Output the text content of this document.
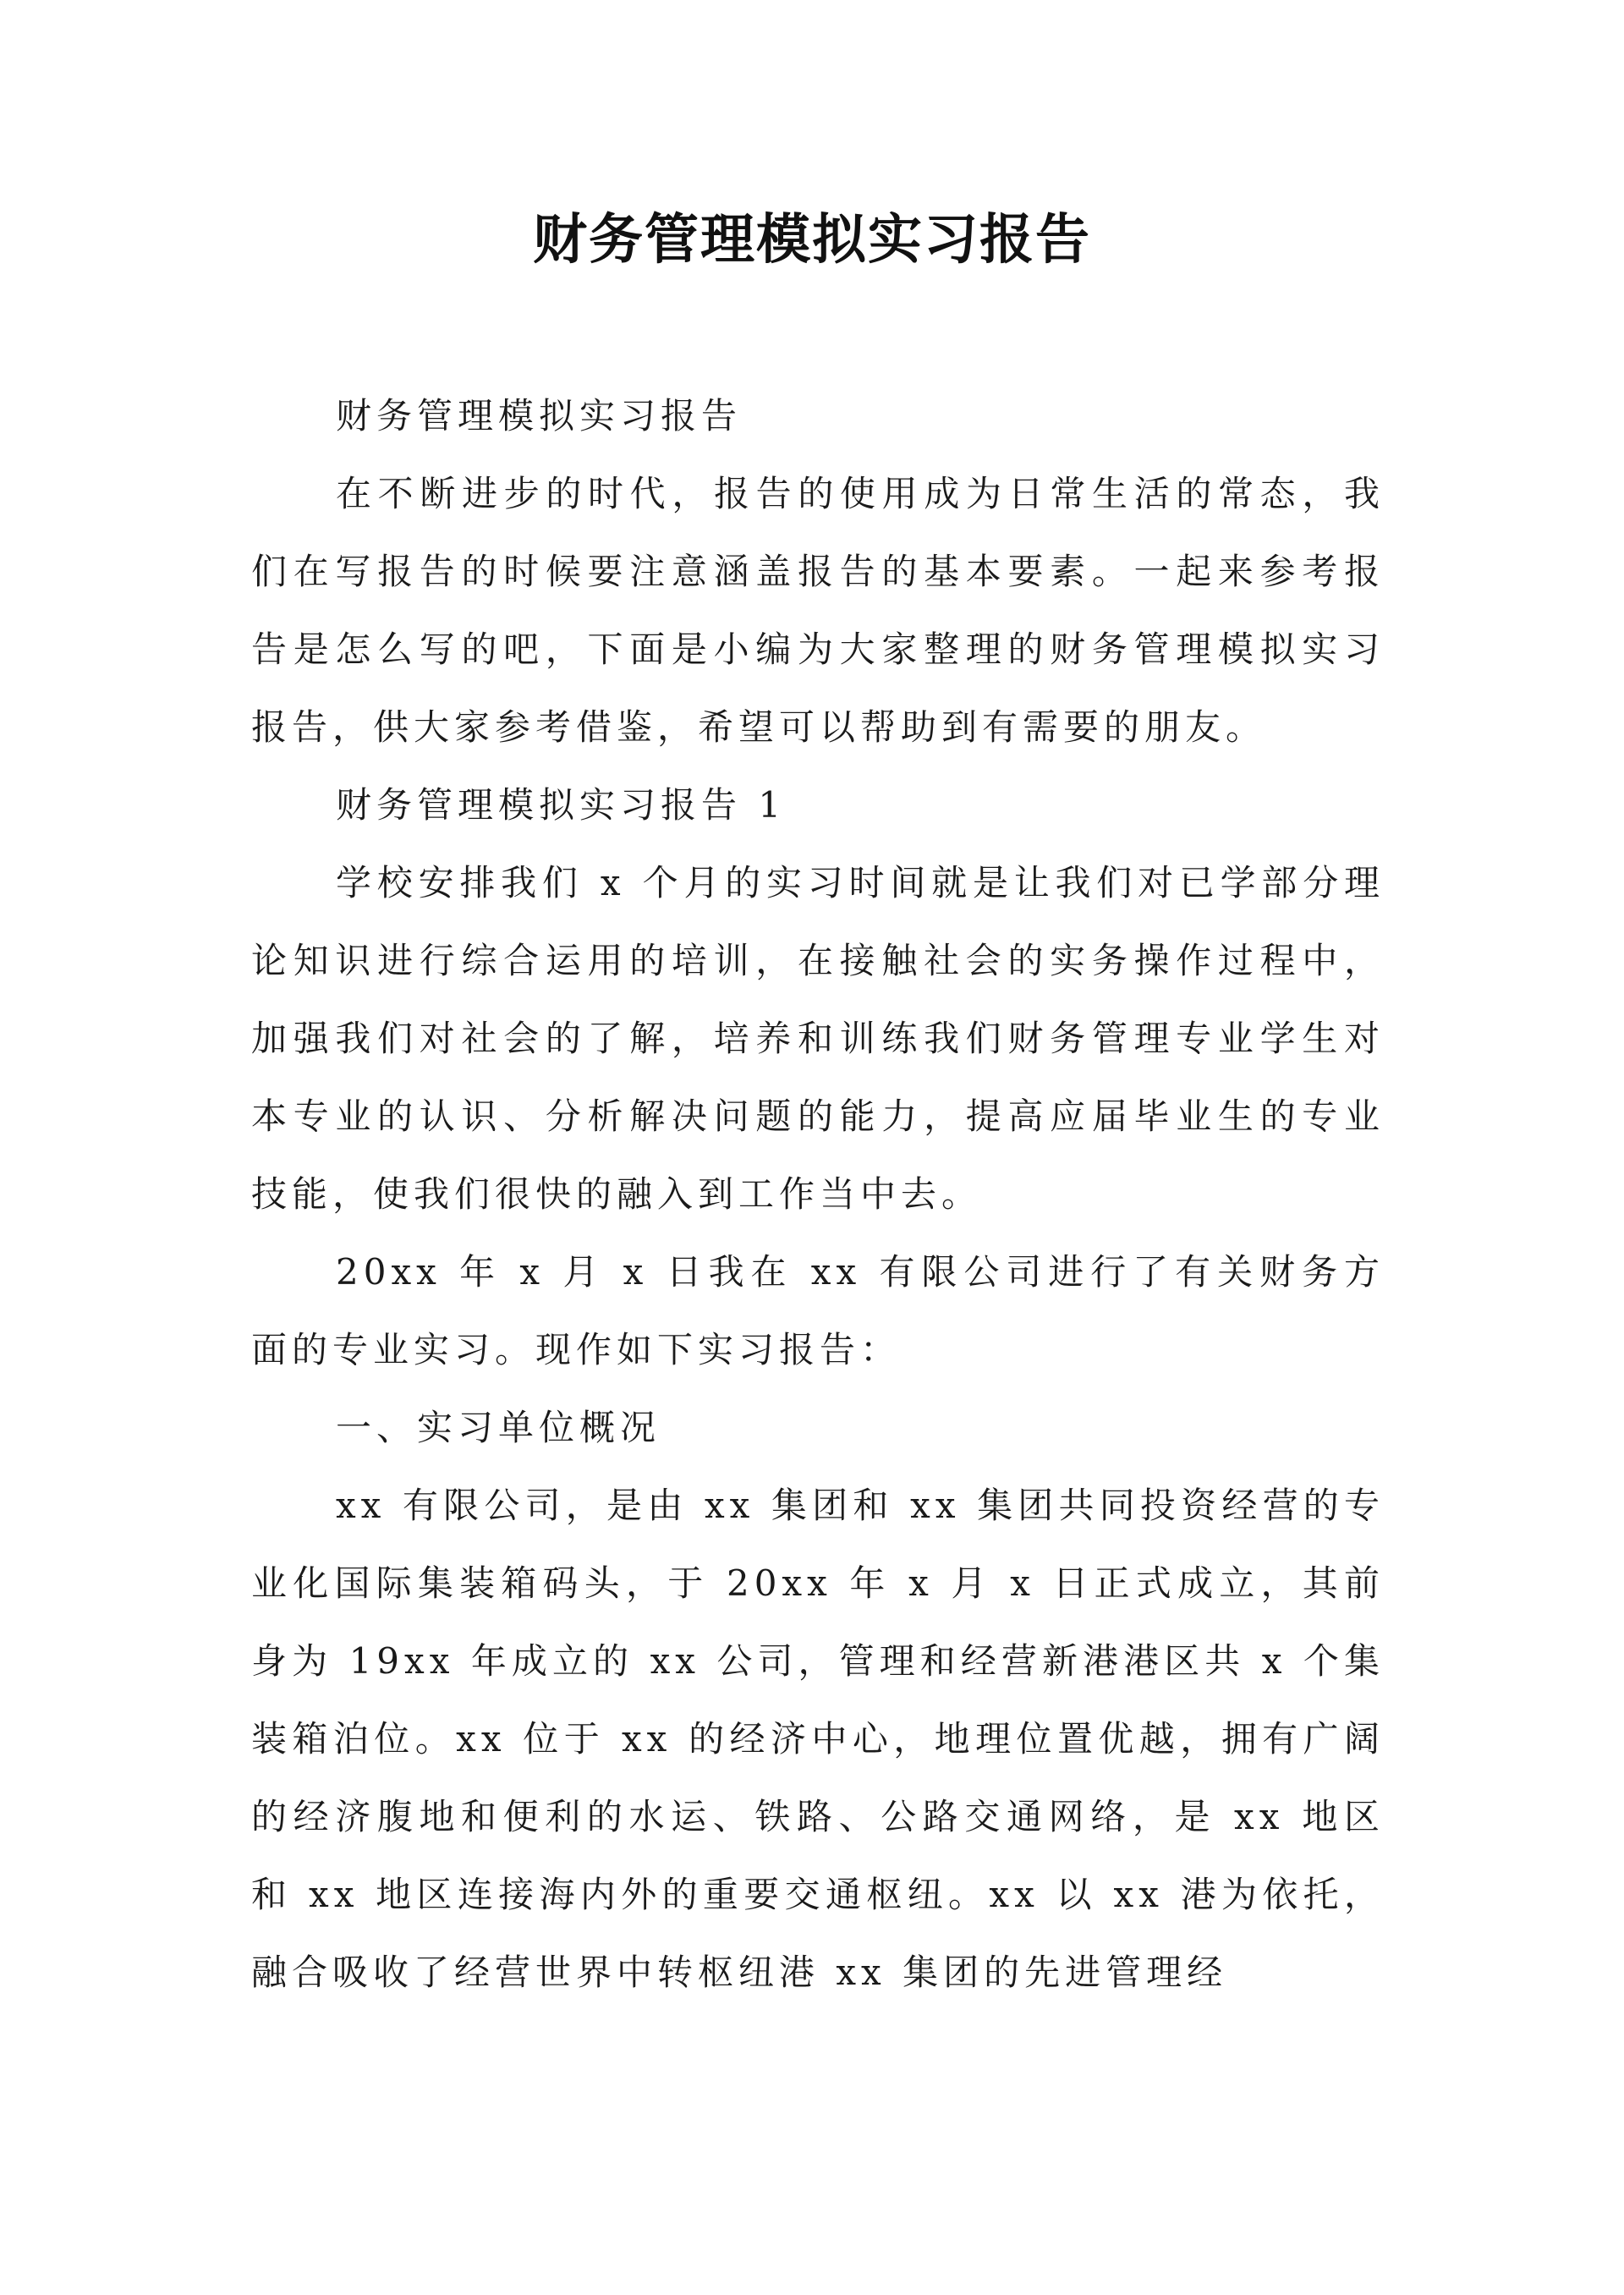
财务管理模拟实习报告

财务管理模拟实习报告

在不断进步的时代，报告的使用成为日常生活的常态，我们在写报告的时候要注意涵盖报告的基本要素。一起来参考报告是怎么写的吧，下面是小编为大家整理的财务管理模拟实习报告，供大家参考借鉴，希望可以帮助到有需要的朋友。

财务管理模拟实习报告 1

学校安排我们 x 个月的实习时间就是让我们对已学部分理论知识进行综合运用的培训，在接触社会的实务操作过程中，加强我们对社会的了解，培养和训练我们财务管理专业学生对本专业的认识、分析解决问题的能力，提高应届毕业生的专业技能，使我们很快的融入到工作当中去。

20xx 年 x 月 x 日我在 xx 有限公司进行了有关财务方面的专业实习。现作如下实习报告：

一、实习单位概况

xx 有限公司，是由 xx 集团和 xx 集团共同投资经营的专业化国际集装箱码头，于 20xx 年 x 月 x 日正式成立，其前身为 19xx 年成立的 xx 公司，管理和经营新港港区共 x 个集装箱泊位。xx 位于 xx 的经济中心，地理位置优越，拥有广阔的经济腹地和便利的水运、铁路、公路交通网络，是 xx 地区和 xx 地区连接海内外的重要交通枢纽。xx 以 xx 港为依托，融合吸收了经营世界中转枢纽港 xx 集团的先进管理经
